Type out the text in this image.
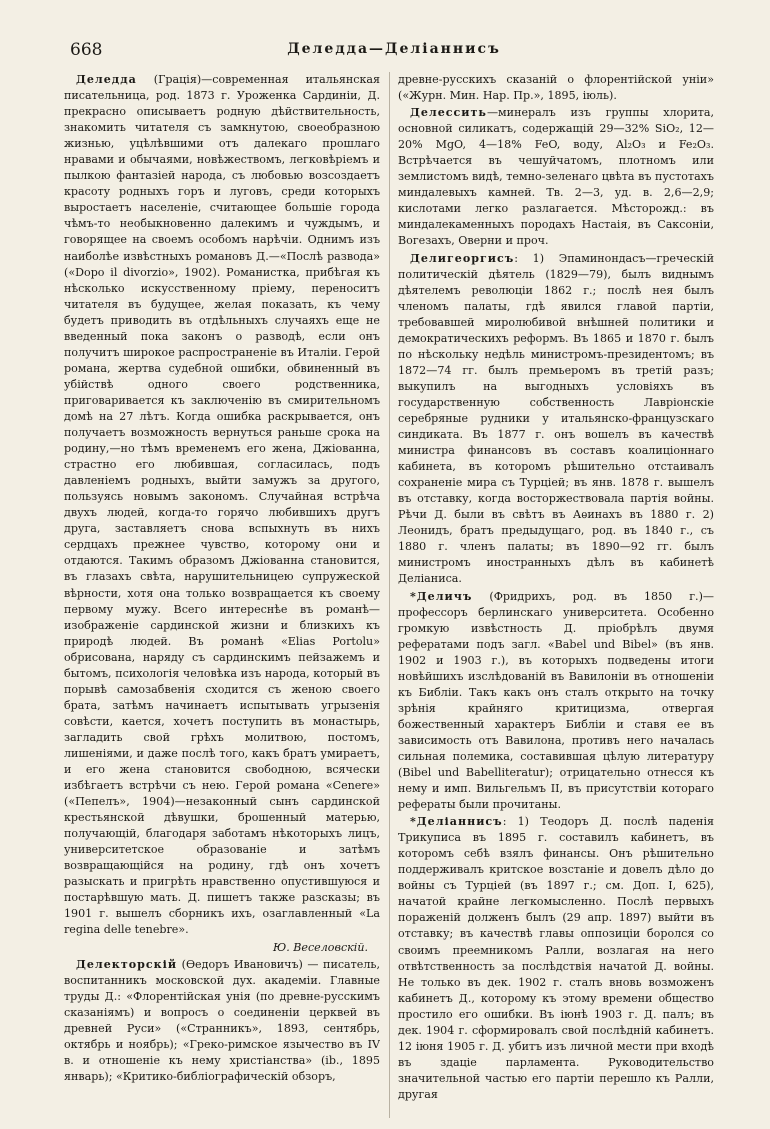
668	Деледда—Деліаннисъ

Деледда (Грація)—современная итальянская писательница, род. 1873 г. Уроженка Сардиніи, Д. прекрасно описываетъ родную дѣйствительность, знакомить читателя съ замкнутою, своеобразною жизнью, уцѣлѣвшими отъ далекаго прошлаго нравами и обычаями, новѣжествомъ, легковѣріемъ и пылкою фантазіей народа, съ любовью возсоздаетъ красоту родныхъ горъ и луговъ, среди которыхъ выростаетъ населеніе, считающее большіе города чѣмъ-то необыкновенно далекимъ и чуждымъ, и говорящее на своемъ особомъ нарѣчіи. Однимъ изъ наиболѣе извѣстныхъ романовъ Д.—«Послѣ развода» («Dopo il divorzio», 1902). Романистка, прибѣгая къ нѣсколько искусственному пріему, переноситъ читателя въ будущее, желая показать, къ чему будетъ приводить въ отдѣльныхъ случаяхъ еще не введенный пока законъ о разводѣ, если онъ получитъ широкое распространеніе въ Италіи. Герой романа, жертва судебной ошибки, обвиненный въ убійствѣ одного своего родственника, приговаривается къ заключенію въ смирительномъ домѣ на 27 лѣтъ. Когда ошибка раскрывается, онъ получаетъ возможность вернуться раньше срока на родину,—но тѣмъ временемъ его жена, Джіованна, страстно его любившая, согласилась, подъ давленіемъ родныхъ, выйти замужъ за другого, пользуясь новымъ закономъ. Случайная встрѣча двухъ людей, когда-то горячо любившихъ другъ друга, заставляетъ снова вспыхнуть въ нихъ сердцахъ прежнее чувство, которому они и отдаются. Такимъ образомъ Джіованна становится, въ глазахъ свѣта, нарушительницею супружеской вѣрности, хотя она только возвращается къ своему первому мужу. Всего интереснѣе въ романѣ—изображеніе сардинской жизни и близкихъ къ природѣ людей. Въ романѣ «Elias Portolu» обрисована, наряду съ сардинскимъ пейзажемъ и бытомъ, психологія человѣка изъ народа, который въ порывѣ самозабвенія сходится съ женою своего брата, затѣмъ начинаетъ испытывать угрызенія совѣсти, кается, хочетъ поступить въ монастырь, загладить свой грѣхъ молитвою, постомъ, лишеніями, и даже послѣ того, какъ братъ умираетъ, и его жена становится свободною, всячески избѣгаетъ встрѣчи съ нею. Герой романа «Cenere» («Пепелъ», 1904)—незаконный сынъ сардинской крестьянской дѣвушки, брошенный матерью, получающій, благодаря заботамъ нѣкоторыхъ лицъ, университетское образованіе и затѣмъ возвращающійся на родину, гдѣ онъ хочетъ разыскать и пригрѣть нравственно опустившуюся и постарѣвшую мать. Д. пишетъ также разсказы; въ 1901 г. вышелъ сборникъ ихъ, озаглавленный «La regina delle tenebre».

Ю. Веселовскій.

Делекторскій (Ѳедоръ Ивановичъ) — писатель, воспитанникъ московской дух. академіи. Главные труды Д.: «Флорентійская унія (по древне-русскимъ сказаніямъ) и вопросъ о соединеніи церквей въ древней Руси» («Странникъ», 1893, сентябрь, октябрь и ноябрь); «Греко-римское язычество въ IV в. и отношеніе къ нему христіанства» (ib., 1895 январь); «Критико-библіографическій обзоръ,

древне-русскихъ сказаній о флорентійской уніи» («Журн. Мин. Нар. Пр.», 1895, іюль).

Делессить—минералъ изъ группы хлорита, основной силикатъ, содержащій 29—32% SiO₂, 12—20% MgO, 4—18% FeO, воду, Al₂O₃ и Fe₂O₃. Встрѣчается въ чешуйчатомъ, плотномъ или землистомъ видѣ, темно-зеленаго цвѣта въ пустотахъ миндалевыхъ камней. Тв. 2—3, уд. в. 2,6—2,9; кислотами легко разлагается. Мѣсторожд.: въ миндалекаменныхъ породахъ Настаія, въ Саксоніи, Вогезахъ, Оверни и проч.

Делигеоргисъ: 1) Эпаминондасъ—греческій политическій дѣятель (1829—79), былъ виднымъ дѣятелемъ революціи 1862 г.; послѣ нея былъ членомъ палаты, гдѣ явился главой партіи, требовавшей миролюбивой внѣшней политики и демократическихъ реформъ. Въ 1865 и 1870 г. былъ по нѣскольку недѣль министромъ-президентомъ; въ 1872—74 гг. былъ премьеромъ въ третій разъ; выкупилъ на выгодныхъ условіяхъ въ государственную собственность Лавріонскіе серебряные рудники у итальянско-французскаго синдиката. Въ 1877 г. онъ вошелъ въ качествѣ министра финансовъ въ составъ коалиціоннаго кабинета, въ которомъ рѣшительно отстаивалъ сохраненіе мира съ Турціей; въ янв. 1878 г. вышелъ въ отставку, когда восторжествовала партія войны. Рѣчи Д. были въ свѣтъ въ Аѳинахъ въ 1880 г. 2) Леонидъ, братъ предыдущаго, род. въ 1840 г., съ 1880 г. членъ палаты; въ 1890—92 гг. былъ министромъ иностранныхъ дѣлъ въ кабинетѣ Деліаниса.

*Деличъ (Фридрихъ, род. въ 1850 г.)—профессоръ берлинскаго университета. Особенно громкую извѣстность Д. пріобрѣлъ двумя рефератами подъ загл. «Babel und Bibel» (въ янв. 1902 и 1903 г.), въ которыхъ подведены итоги новѣйшихъ изслѣдованій въ Вавилоніи въ отношеніи къ Библіи. Такъ какъ онъ сталъ открыто на точку зрѣнія крайняго критицизма, отвергая божественный характеръ Библіи и ставя ее въ зависимость отъ Вавилона, противъ него началась сильная полемика, составившая цѣлую литературу (Bibel und Babelliteratur); отрицательно отнесся къ нему и имп. Вильгельмъ II, въ присутствіи котораго рефераты были прочитаны.

*Деліаннисъ: 1) Теодоръ Д. послѣ паденія Трикуписа въ 1895 г. составилъ кабинетъ, въ которомъ себѣ взялъ финансы. Онъ рѣшительно поддерживалъ критское возстаніе и довелъ дѣло до войны съ Турціей (въ 1897 г.; см. Доп. I, 625), начатой крайне легкомысленно. Послѣ первыхъ пораженій долженъ былъ (29 апр. 1897) выйти въ отставку; въ качествѣ главы оппозиціи боролся со своимъ преемникомъ Ралли, возлагая на него отвѣтственность за послѣдствія начатой Д. войны. Не только въ дек. 1902 г. сталъ вновь возможенъ кабинетъ Д., которому къ этому времени общество простило его ошибки. Въ іюнѣ 1903 г. Д. палъ; въ дек. 1904 г. сформировалъ свой послѣдній кабинетъ. 12 іюня 1905 г. Д. убитъ изъ личной мести при входѣ въ здаціе парламента. Руководительство значительной частью его партіи перешло къ Ралли, другая
